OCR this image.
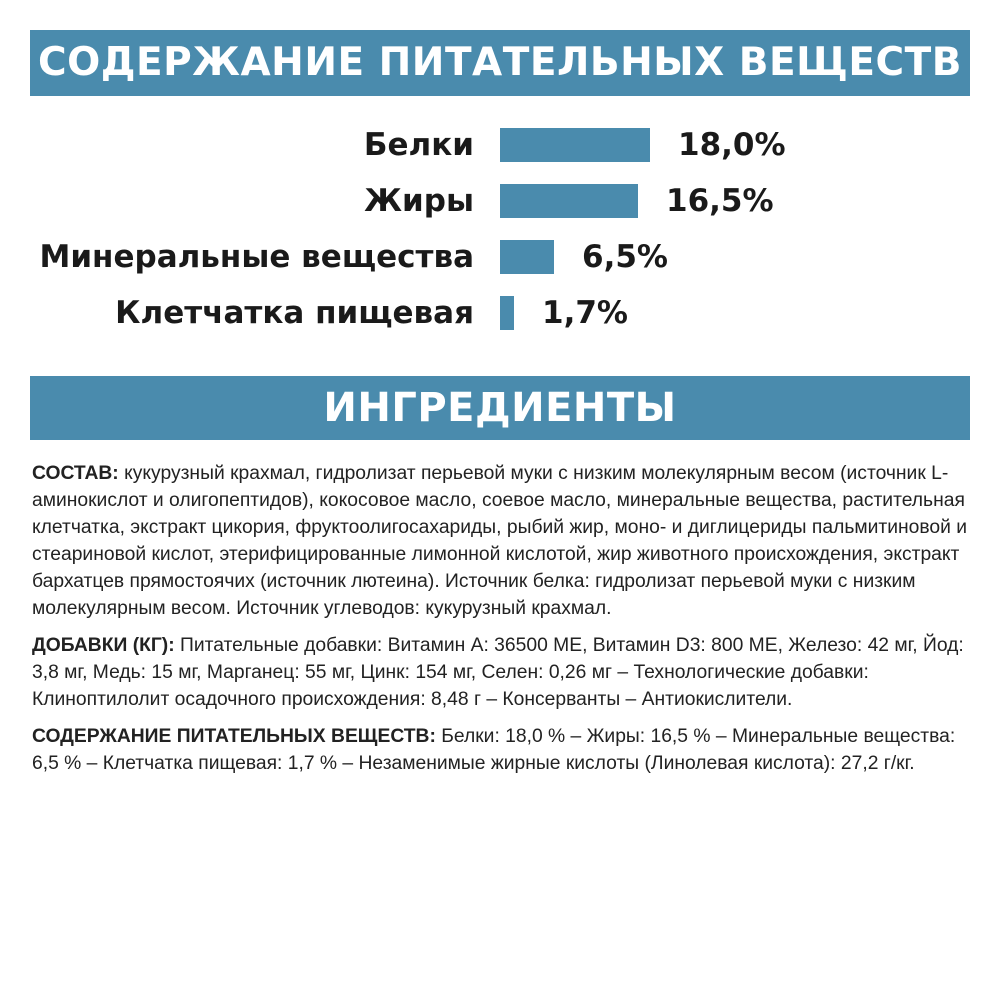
СОДЕРЖАНИЕ ПИТАТЕЛЬНЫХ ВЕЩЕСТВ
Белки	18,0%
Жиры	16,5%
Минеральные вещества	6,5%
Клетчатка пищевая 1,7%
ИНГРЕДИЕНТЫ

СОСТАВ: кукурузный крахмал, гидролизат перьевой муки с низким молекулярным весом (источник L-аминокислот и олигопептидов), кокосовое масло, соевое масло, минеральные вещества, растительная клетчатка, экстракт цикория, фруктоолигосахариды, рыбий жир, моно- и диглицериды пальмитиновой и стеариновой кислот, этерифицированные лимонной кислотой, жир животного происхождения, экстракт бархатцев прямостоячих (источник лютеина). Источник белка: гидролизат перьевой муки с низким молекулярным весом. Источник углеводов: кукурузный крахмал.

ДОБАВКИ (КГ): Питательные добавки: Витамин А: 36500 МЕ, Витамин D3: 800 МЕ, Железо: 42 мг, Йод: 3,8 мг, Медь: 15 мг, Марганец: 55 мг, Цинк: 154 мг, Селен: 0,26 мг – Технологические добавки: Клиноптилолит осадочного происхождения: 8,48 г – Консерванты – Антиокислители.

СОДЕРЖАНИЕ ПИТАТЕЛЬНЫХ ВЕЩЕСТВ: Белки: 18,0 % – Жиры: 16,5 % – Минеральные вещества: 6,5 % – Клетчатка пищевая: 1,7 % – Незаменимые жирные кислоты (Линолевая кислота): 27,2 г/кг.
